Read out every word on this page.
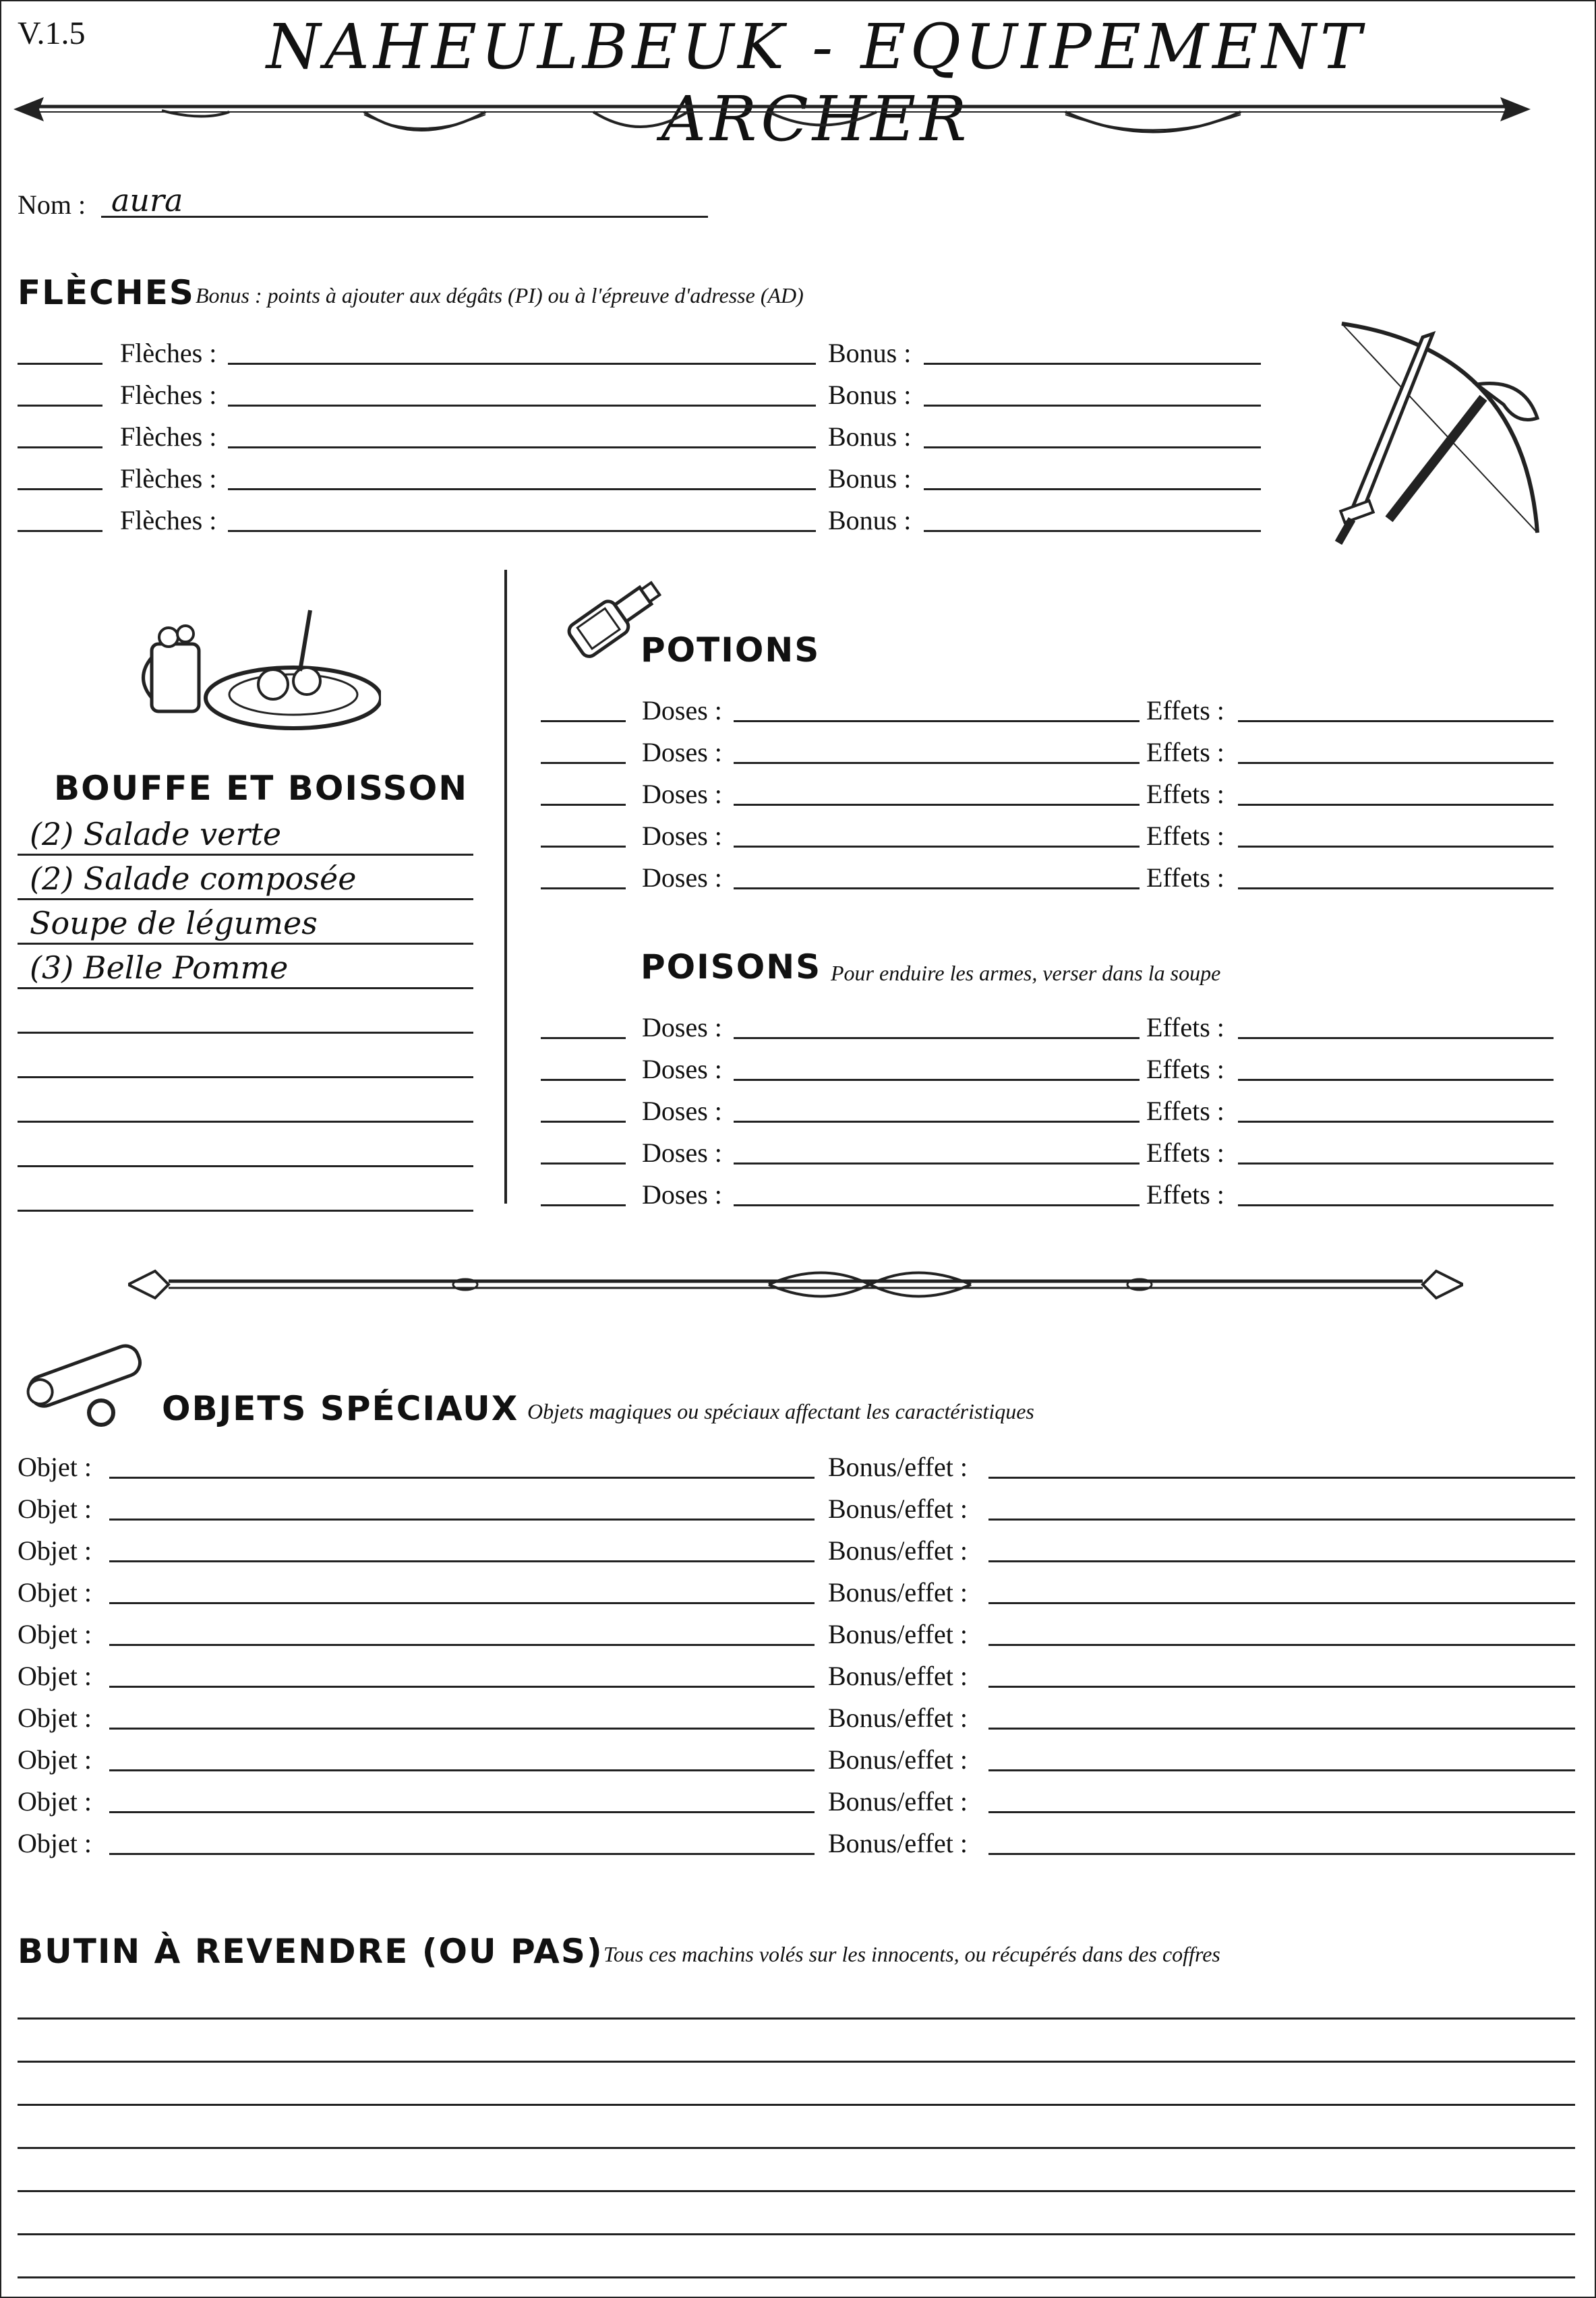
V.1.5	NAHEULBEUK - EQUIPEMENT ARCHER
Nom : aura
FLÈCHES Bonus : points à ajouter aux dégâts (PI) ou à l'épreuve d'adresse (AD)
Flèches :	Bonus :
Flèches :	Bonus :
Flèches :	Bonus :
Flèches :	Bonus :
Flèches :	Bonus :
BOUFFE ET BOISSON
(2) Salade verte
(2) Salade composée
Soupe de légumes
(3) Belle Pomme
POTIONS
Doses :	Effets :
Doses :	Effets :
Doses :	Effets :
Doses :	Effets :
Doses :	Effets :
POISONS Pour enduire les armes, verser dans la soupe
Doses :	Effets :
Doses :	Effets :
Doses :	Effets :
Doses :	Effets :
Doses :	Effets :
OBJETS SPÉCIAUX Objets magiques ou spéciaux affectant les caractéristiques
Objet :	Bonus/effet :
Objet :	Bonus/effet :
Objet :	Bonus/effet :
Objet :	Bonus/effet :
Objet :	Bonus/effet :
Objet :	Bonus/effet :
Objet :	Bonus/effet :
Objet :	Bonus/effet :
Objet :	Bonus/effet :
Objet :	Bonus/effet :
BUTIN À REVENDRE (OU PAS) Tous ces machins volés sur les innocents, ou récupérés dans des coffres
